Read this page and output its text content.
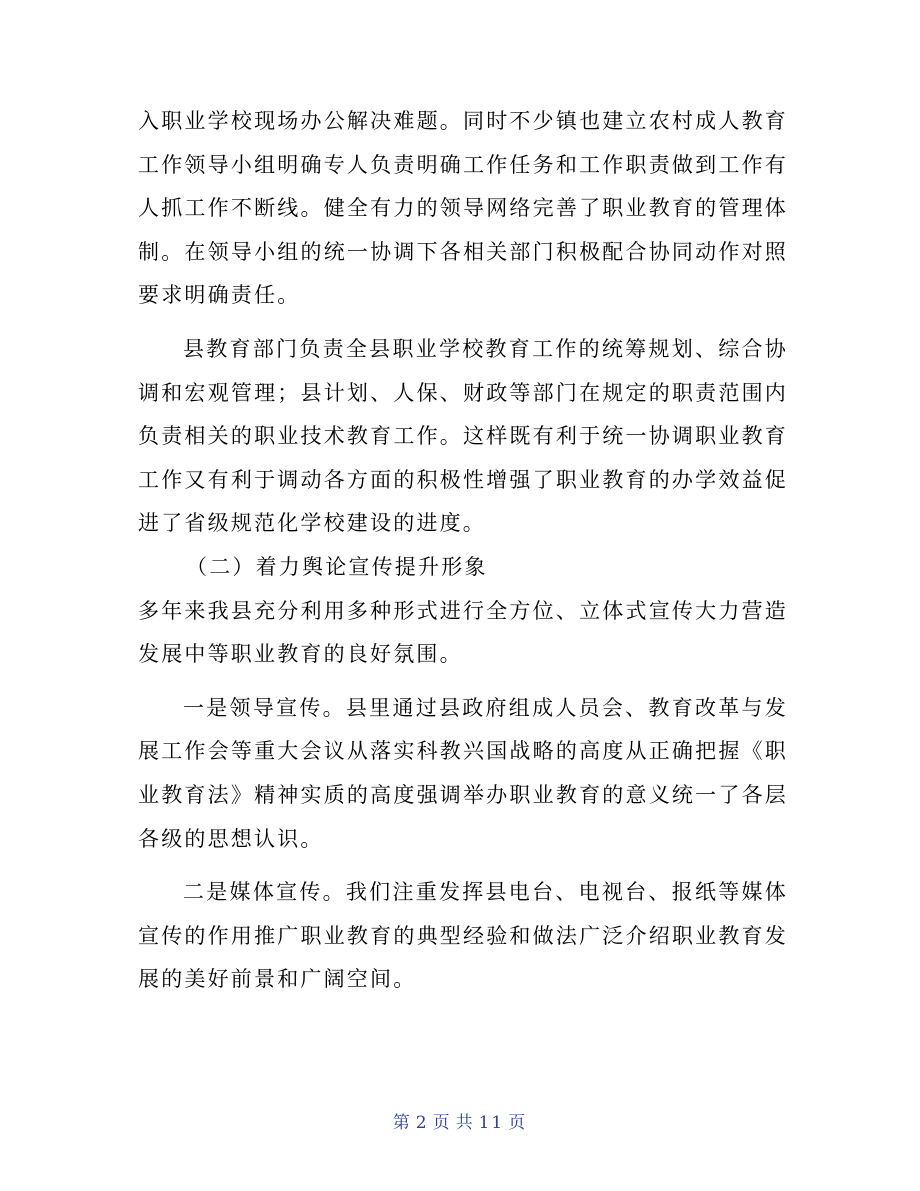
入职业学校现场办公解决难题。同时不少镇也建立农村成人教育工作领导小组明确专人负责明确工作任务和工作职责做到工作有人抓工作不断线。健全有力的领导网络完善了职业教育的管理体制。在领导小组的统一协调下各相关部门积极配合协同动作对照要求明确责任。

县教育部门负责全县职业学校教育工作的统筹规划、综合协调和宏观管理；县计划、人保、财政等部门在规定的职责范围内负责相关的职业技术教育工作。这样既有利于统一协调职业教育工作又有利于调动各方面的积极性增强了职业教育的办学效益促进了省级规范化学校建设的进度。

（二）着力舆论宣传提升形象

多年来我县充分利用多种形式进行全方位、立体式宣传大力营造发展中等职业教育的良好氛围。

一是领导宣传。县里通过县政府组成人员会、教育改革与发展工作会等重大会议从落实科教兴国战略的高度从正确把握《职业教育法》精神实质的高度强调举办职业教育的意义统一了各层各级的思想认识。

二是媒体宣传。我们注重发挥县电台、电视台、报纸等媒体宣传的作用推广职业教育的典型经验和做法广泛介绍职业教育发展的美好前景和广阔空间。

第 2 页 共 11 页
